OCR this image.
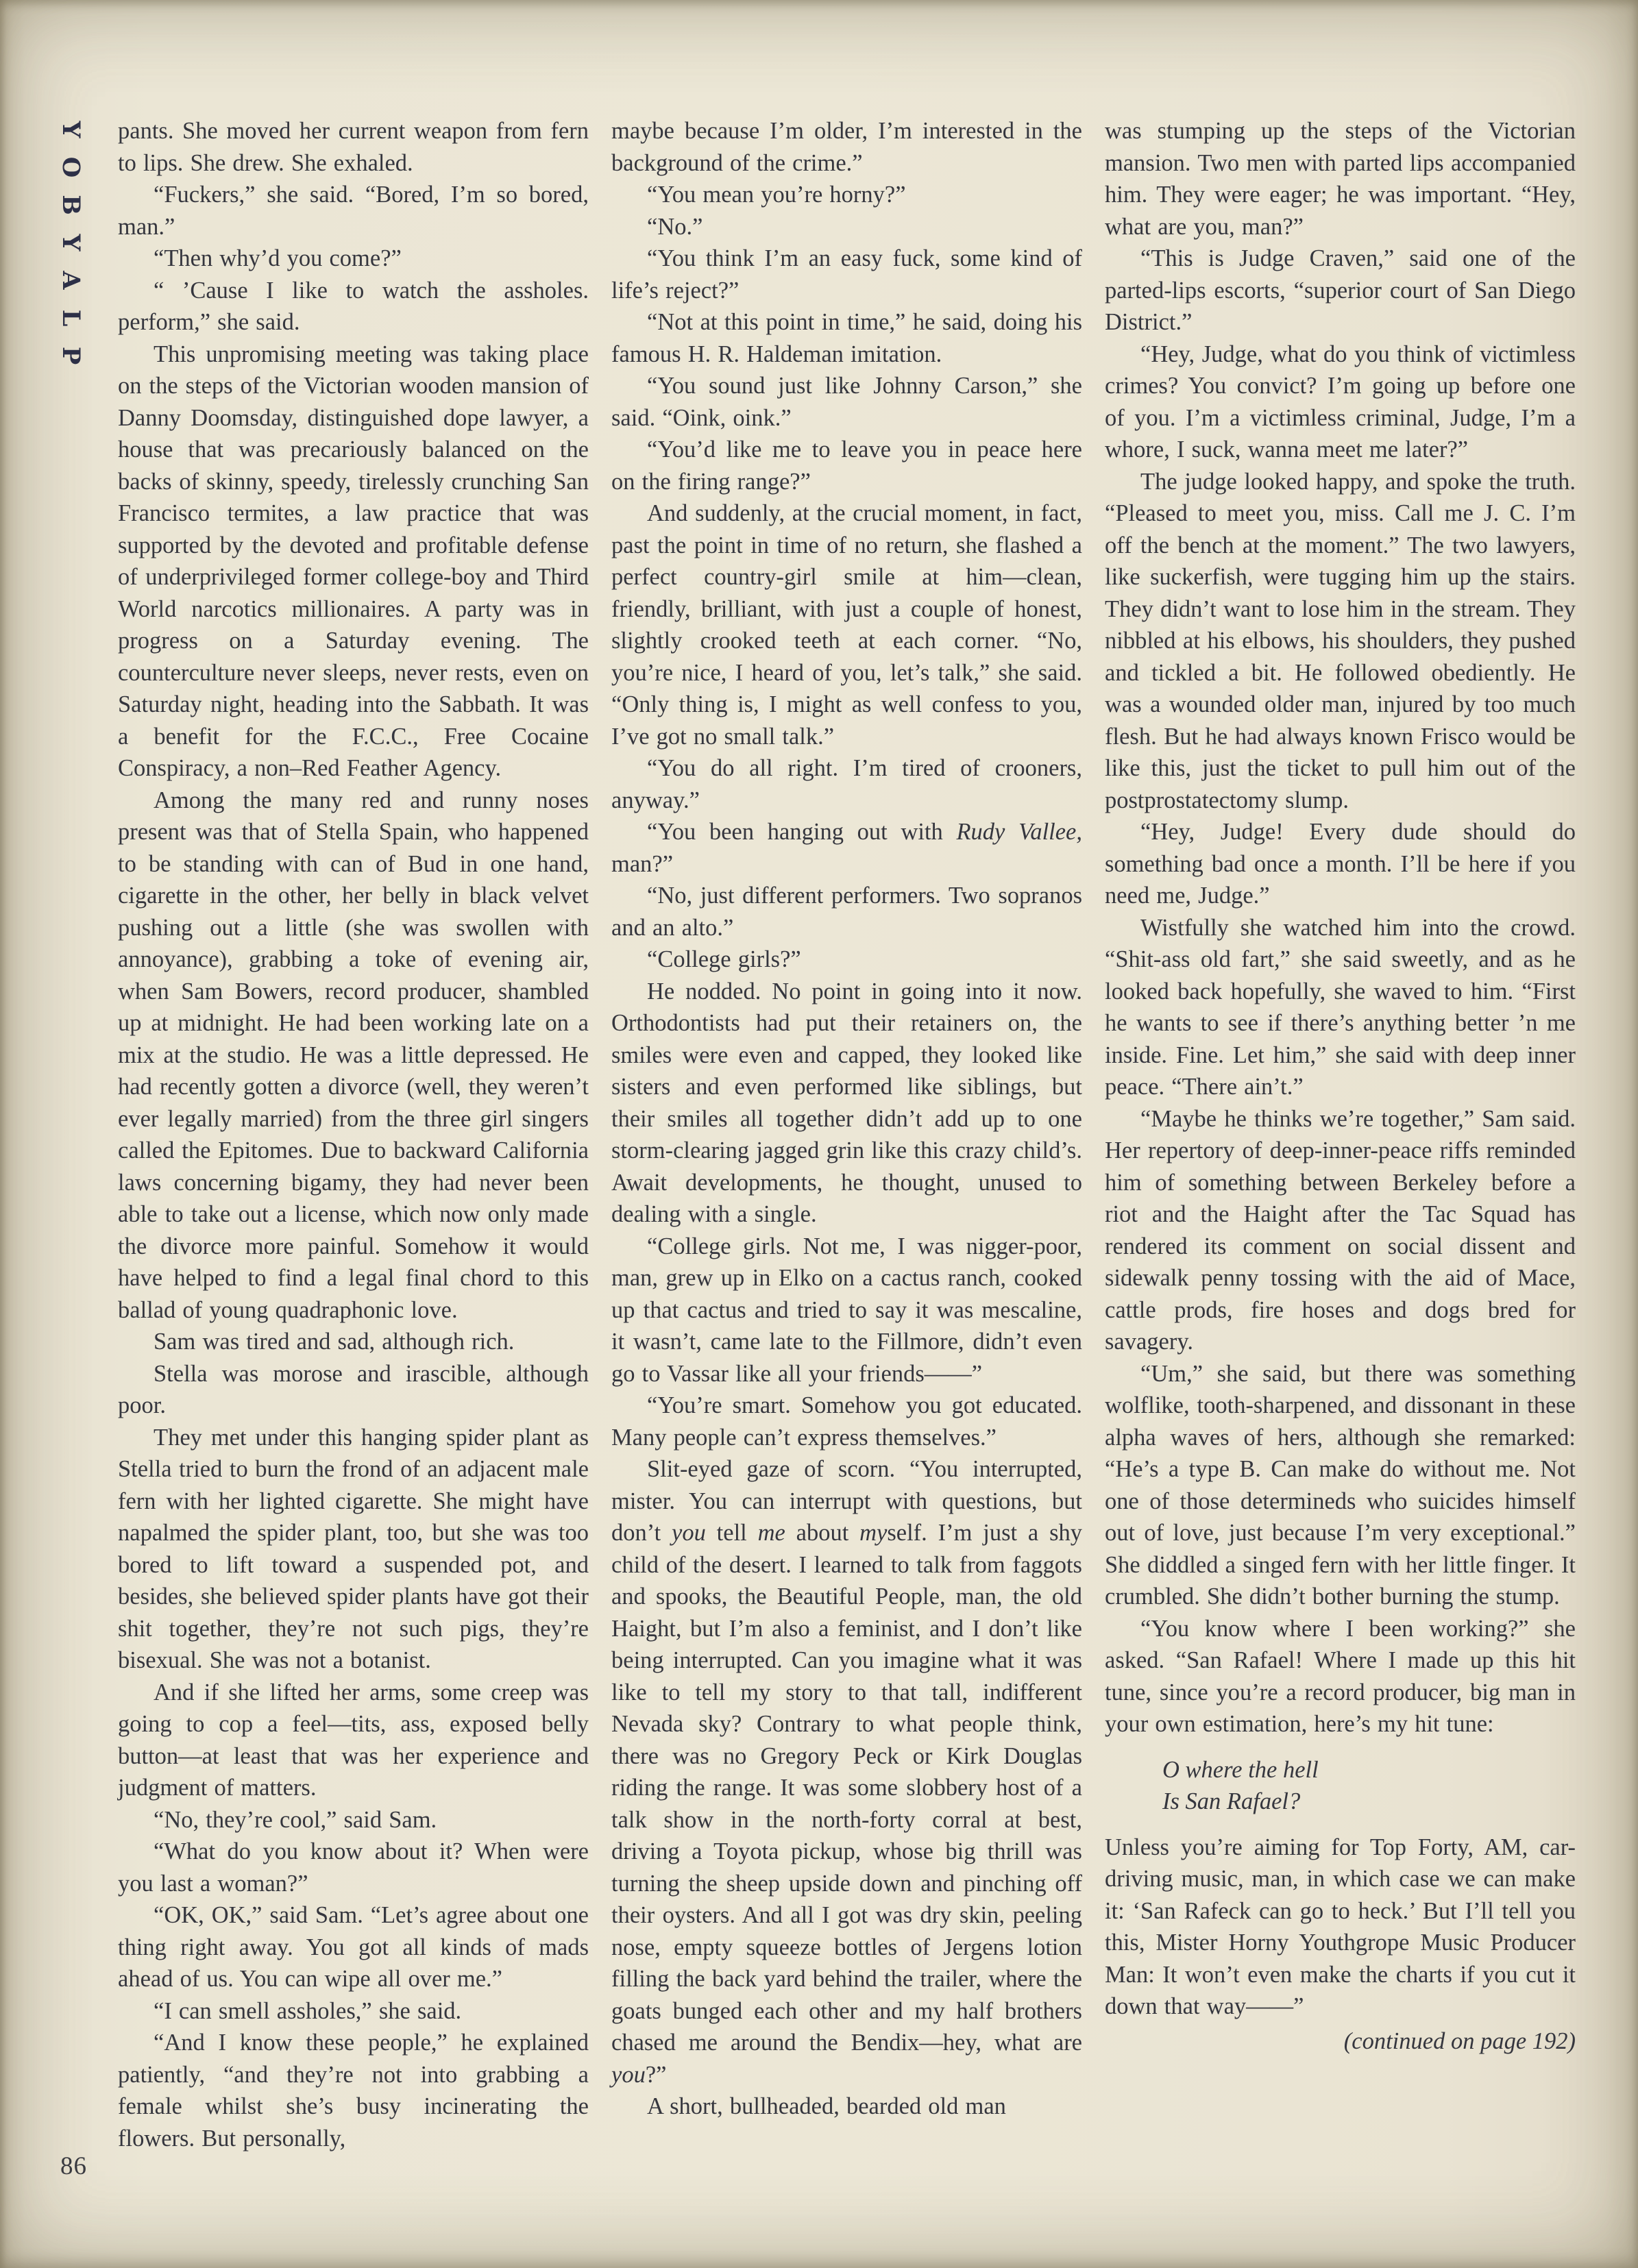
Y
O
B
Y
A
L
P

pants. She moved her current weapon from fern to lips. She drew. She exhaled.

“Fuckers,” she said. “Bored, I’m so bored, man.”

“Then why’d you come?”

“ ’Cause I like to watch the assholes. perform,” she said.

This unpromising meeting was taking place on the steps of the Victorian wooden mansion of Danny Doomsday, distinguished dope lawyer, a house that was precariously balanced on the backs of skinny, speedy, tirelessly crunching San Francisco termites, a law practice that was supported by the devoted and profitable defense of underprivileged former college-boy and Third World narcotics millionaires. A party was in progress on a Saturday evening. The counterculture never sleeps, never rests, even on Saturday night, heading into the Sabbath. It was a benefit for the F.C.C., Free Cocaine Conspiracy, a non–Red Feather Agency.

Among the many red and runny noses present was that of Stella Spain, who happened to be standing with can of Bud in one hand, cigarette in the other, her belly in black velvet pushing out a little (she was swollen with annoyance), grabbing a toke of evening air, when Sam Bowers, record producer, shambled up at midnight. He had been working late on a mix at the studio. He was a little depressed. He had recently gotten a divorce (well, they weren’t ever legally married) from the three girl singers called the Epitomes. Due to backward California laws concerning bigamy, they had never been able to take out a license, which now only made the divorce more painful. Somehow it would have helped to find a legal final chord to this ballad of young quadraphonic love.

Sam was tired and sad, although rich.

Stella was morose and irascible, although poor.

They met under this hanging spider plant as Stella tried to burn the frond of an adjacent male fern with her lighted cigarette. She might have napalmed the spider plant, too, but she was too bored to lift toward a suspended pot, and besides, she believed spider plants have got their shit together, they’re not such pigs, they’re bisexual. She was not a botanist.

And if she lifted her arms, some creep was going to cop a feel—tits, ass, exposed belly button—at least that was her experience and judgment of matters.

“No, they’re cool,” said Sam.

“What do you know about it? When were you last a woman?”

“OK, OK,” said Sam. “Let’s agree about one thing right away. You got all kinds of mads ahead of us. You can wipe all over me.”

“I can smell assholes,” she said.

“And I know these people,” he explained patiently, “and they’re not into grabbing a female whilst she’s busy incinerating the flowers. But personally,

maybe because I’m older, I’m interested in the background of the crime.”

“You mean you’re horny?”

“No.”

“You think I’m an easy fuck, some kind of life’s reject?”

“Not at this point in time,” he said, doing his famous H. R. Haldeman imitation.

“You sound just like Johnny Carson,” she said. “Oink, oink.”

“You’d like me to leave you in peace here on the firing range?”

And suddenly, at the crucial moment, in fact, past the point in time of no return, she flashed a perfect country-girl smile at him—clean, friendly, brilliant, with just a couple of honest, slightly crooked teeth at each corner. “No, you’re nice, I heard of you, let’s talk,” she said. “Only thing is, I might as well confess to you, I’ve got no small talk.”

“You do all right. I’m tired of crooners, anyway.”

“You been hanging out with Rudy Vallee, man?”

“No, just different performers. Two sopranos and an alto.”

“College girls?”

He nodded. No point in going into it now. Orthodontists had put their retainers on, the smiles were even and capped, they looked like sisters and even performed like siblings, but their smiles all together didn’t add up to one storm-clearing jagged grin like this crazy child’s. Await developments, he thought, unused to dealing with a single.

“College girls. Not me, I was nigger-poor, man, grew up in Elko on a cactus ranch, cooked up that cactus and tried to say it was mescaline, it wasn’t, came late to the Fillmore, didn’t even go to Vassar like all your friends——”

“You’re smart. Somehow you got educated. Many people can’t express themselves.”

Slit-eyed gaze of scorn. “You interrupted, mister. You can interrupt with questions, but don’t you tell me about myself. I’m just a shy child of the desert. I learned to talk from faggots and spooks, the Beautiful People, man, the old Haight, but I’m also a feminist, and I don’t like being interrupted. Can you imagine what it was like to tell my story to that tall, indifferent Nevada sky? Contrary to what people think, there was no Gregory Peck or Kirk Douglas riding the range. It was some slobbery host of a talk show in the north-forty corral at best, driving a Toyota pickup, whose big thrill was turning the sheep upside down and pinching off their oysters. And all I got was dry skin, peeling nose, empty squeeze bottles of Jergens lotion filling the back yard behind the trailer, where the goats bunged each other and my half brothers chased me around the Bendix—hey, what are you?”

A short, bullheaded, bearded old man

was stumping up the steps of the Victorian mansion. Two men with parted lips accompanied him. They were eager; he was important. “Hey, what are you, man?”

“This is Judge Craven,” said one of the parted-lips escorts, “superior court of San Diego District.”

“Hey, Judge, what do you think of victimless crimes? You convict? I’m going up before one of you. I’m a victimless criminal, Judge, I’m a whore, I suck, wanna meet me later?”

The judge looked happy, and spoke the truth. “Pleased to meet you, miss. Call me J. C. I’m off the bench at the moment.” The two lawyers, like suckerfish, were tugging him up the stairs. They didn’t want to lose him in the stream. They nibbled at his elbows, his shoulders, they pushed and tickled a bit. He followed obediently. He was a wounded older man, injured by too much flesh. But he had always known Frisco would be like this, just the ticket to pull him out of the postprostatectomy slump.

“Hey, Judge! Every dude should do something bad once a month. I’ll be here if you need me, Judge.”

Wistfully she watched him into the crowd. “Shit-ass old fart,” she said sweetly, and as he looked back hopefully, she waved to him. “First he wants to see if there’s anything better ’n me inside. Fine. Let him,” she said with deep inner peace. “There ain’t.”

“Maybe he thinks we’re together,” Sam said. Her repertory of deep-inner-peace riffs reminded him of something between Berkeley before a riot and the Haight after the Tac Squad has rendered its comment on social dissent and sidewalk penny tossing with the aid of Mace, cattle prods, fire hoses and dogs bred for savagery.

“Um,” she said, but there was something wolflike, tooth-sharpened, and dissonant in these alpha waves of hers, although she remarked: “He’s a type B. Can make do without me. Not one of those determineds who suicides himself out of love, just because I’m very exceptional.” She diddled a singed fern with her little finger. It crumbled. She didn’t bother burning the stump.

“You know where I been working?” she asked. “San Rafael! Where I made up this hit tune, since you’re a record producer, big man in your own estimation, here’s my hit tune:

O where the hell
Is San Rafael?

Unless you’re aiming for Top Forty, AM, car-driving music, man, in which case we can make it: ‘San Rafeck can go to heck.’ But I’ll tell you this, Mister Horny Youthgrope Music Producer Man: It won’t even make the charts if you cut it down that way——”

(continued on page 192)

86
